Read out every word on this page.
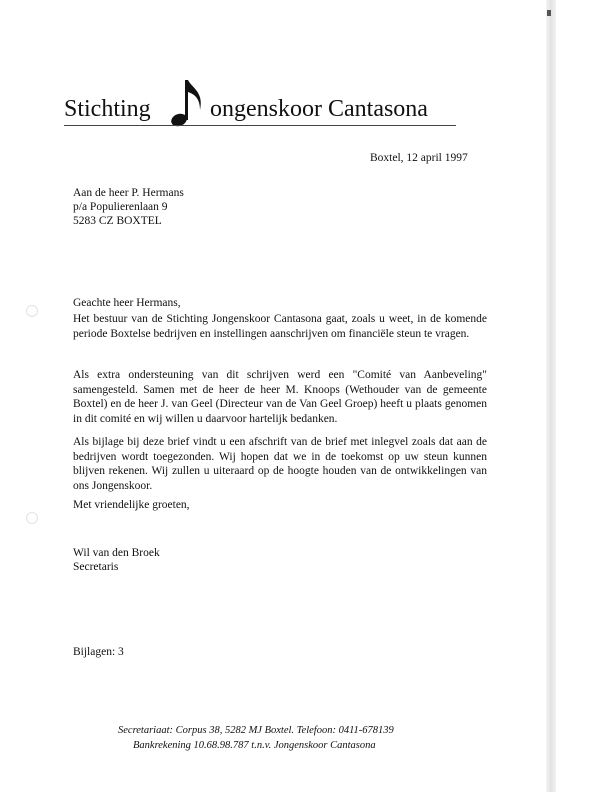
Stichting ongenskoor Cantasona
Boxtel, 12 april 1997
Aan de heer P. Hermans
p/a Populierenlaan 9
5283 CZ BOXTEL
Geachte heer Hermans,
Het bestuur van de Stichting Jongenskoor Cantasona gaat, zoals u weet, in de komende periode Boxtelse bedrijven en instellingen aanschrijven om financiële steun te vragen.
Als extra ondersteuning van dit schrijven werd een "Comité van Aanbeveling" samengesteld. Samen met de heer de heer M. Knoops (Wethouder van de gemeente Boxtel) en de heer J. van Geel (Directeur van de Van Geel Groep) heeft u plaats genomen in dit comité en wij willen u daarvoor hartelijk bedanken.
Als bijlage bij deze brief vindt u een afschrift van de brief met inlegvel zoals dat aan de bedrijven wordt toegezonden. Wij hopen dat we in de toekomst op uw steun kunnen blijven rekenen. Wij zullen u uiteraard op de hoogte houden van de ontwikkelingen van ons Jongenskoor.
Met vriendelijke groeten,
Wil van den Broek
Secretaris
Bijlagen: 3
Secretariaat: Corpus 38, 5282 MJ Boxtel. Telefoon: 0411-678139
Bankrekening 10.68.98.787 t.n.v. Jongenskoor Cantasona
